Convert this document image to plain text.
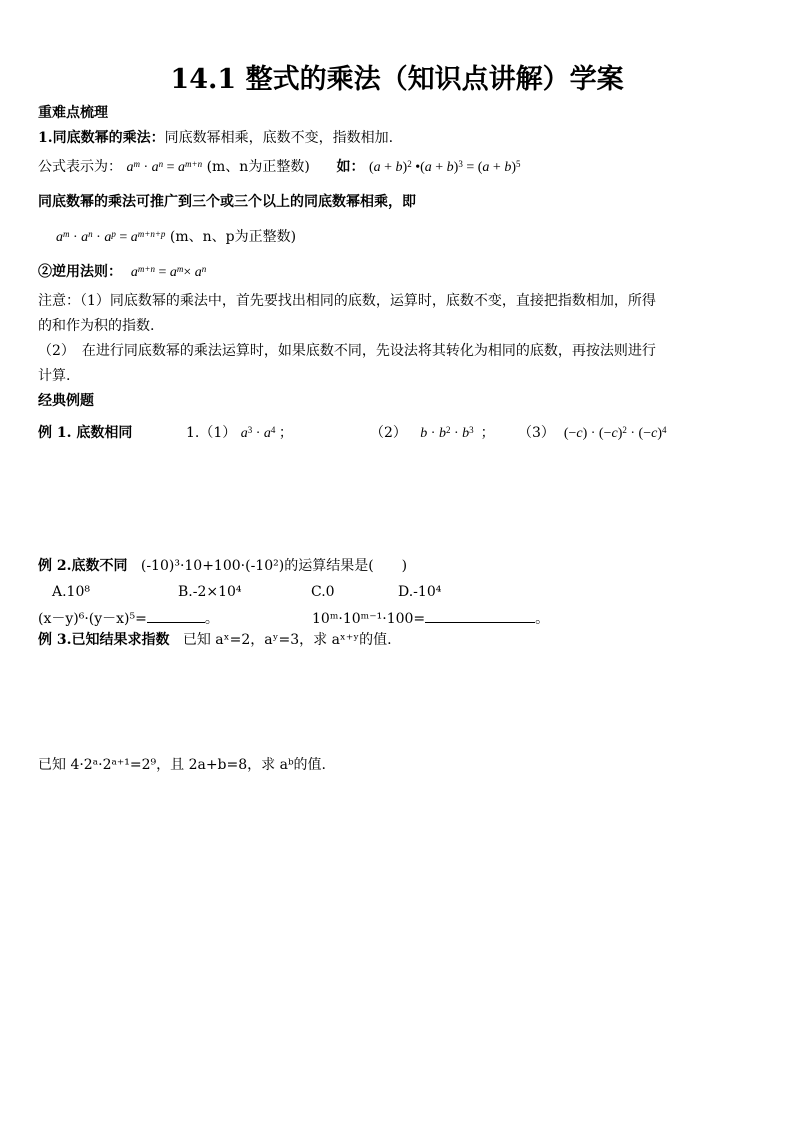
14.1 整式的乘法（知识点讲解）学案
重难点梳理
1.同底数幂的乘法：同底数幂相乘，底数不变，指数相加.
公式表示为： $a^m \cdot a^n = a^{m+n}$ (m、n为正整数) 如： $(a + b)^2$ •(a + $b)^3 = (a + b)^5$
同底数幂的乘法可推广到三个或三个以上的同底数幂相乘，即
$a^m \cdot a^n \cdot a^p = a^{m+n+p}$ (m、n、p为正整数)
②逆用法则： $a^{m+n} = a^m\times a^n$
注意：（1）同底数幂的乘法中，首先要找出相同的底数，运算时，底数不变，直接把指数相加，所得
的和作为积的指数.
（2）　在进行同底数幂的乘法运算时，如果底数不同，先设法将其转化为相同的底数，再按法则进行
计算.
经典例题
例 1. 底数相同	1.（1） $a^3 \cdot a^4$ ；	（2） $b \cdot b^2 \cdot b^3$  ； （3） $(-c) \cdot (-c)^2 \cdot (-c)^4$
例 2.底数不同 (-10)³·10+100·(-10²)的运算结果是(　　)
A.10⁸	B.-2×10⁴	C.0	D.-10⁴
(x－y)⁶·(y－x)⁵=	。	10ᵐ·10ᵐ⁻¹·100=	。
例 3.已知结果求指数 已知 aˣ=2，aʸ=3，求 aˣ⁺ʸ的值.
已知 4·2ᵃ·2ᵃ⁺¹=2⁹，且 2a+b=8，求 aᵇ的值.
